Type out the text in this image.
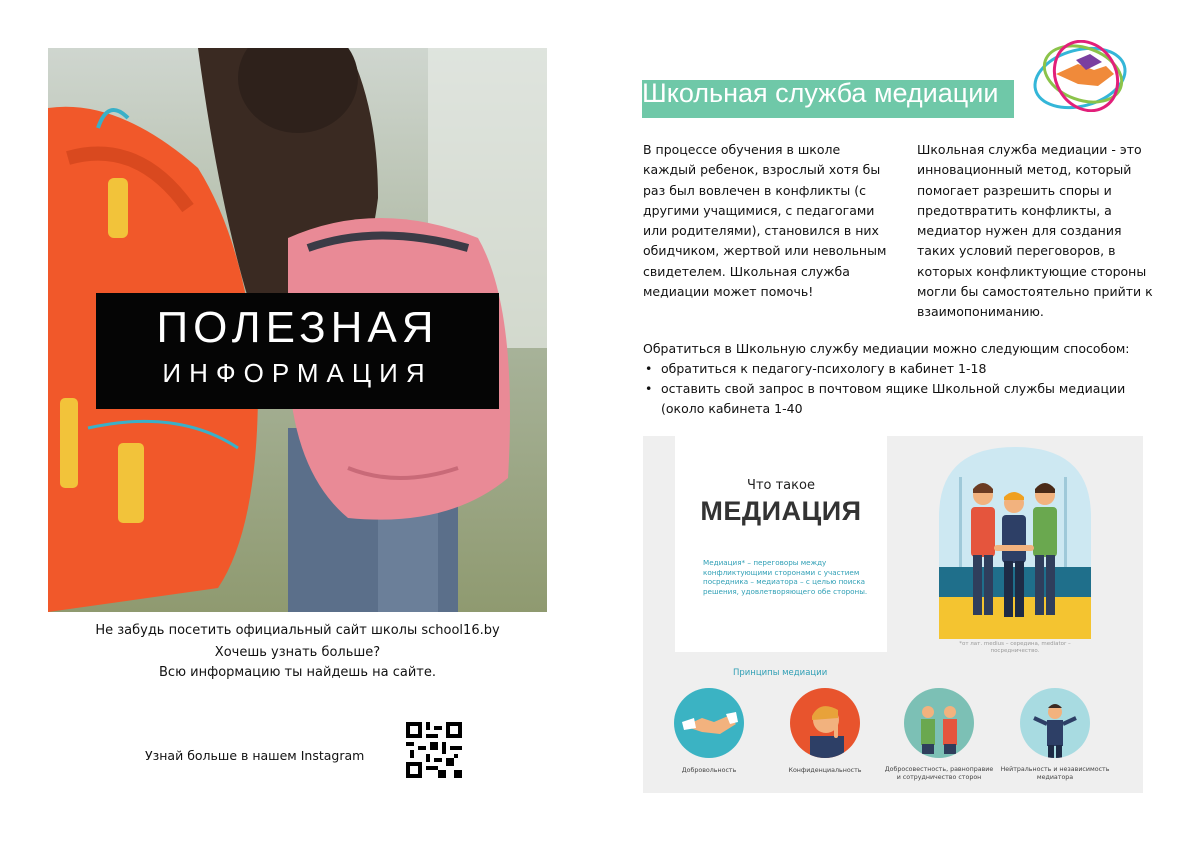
ПОЛЕЗНАЯ
ИНФОРМАЦИЯ
Не забудь посетить официальный сайт школы school16.by
Хочешь узнать больше?
Всю информацию ты найдешь на сайте.
Узнай больше в нашем Instagram
Школьная служба медиации
В процессе обучения в школе каждый ребенок, взрослый хотя бы раз был вовлечен в конфликты (с другими учащимися, с педагогами или родителями), становился в них обидчиком, жертвой или невольным свидетелем. Школьная служба медиации может помочь!
Школьная служба медиации - это инновационный метод, который помогает разрешить споры и предотвратить конфликты, а медиатор нужен для создания таких условий переговоров, в которых конфликтующие стороны могли бы самостоятельно прийти к взаимопониманию.
Обратиться в Школьную службу медиации можно следующим способом:
• обратиться к педагогу-психологу в кабинет 1-18
• оставить свой запрос в почтовом ящике Школьной службы медиации (около кабинета 1-40
Что такое
МЕДИАЦИЯ
Медиация* – переговоры между конфликтующими сторонами с участием посредника – медиатора – с целью поиска решения, удовлетворяющего обе стороны.
*от лат. medius – середина, mediator – посредничество.
Принципы медиации
Добровольность	Конфиденциальность	Добросовестность, равноправие и сотрудничество сторон
Нейтральность и независимость медиатора
